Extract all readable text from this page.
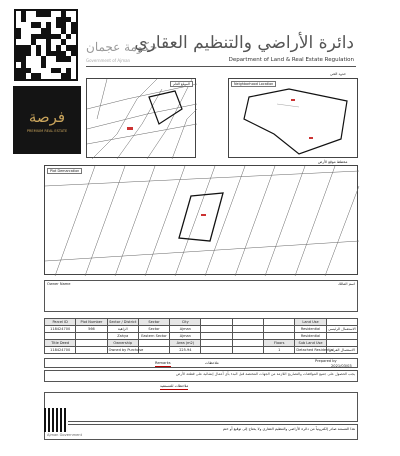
فرصة
PREMIUM REAL ESTATE
حكومة عجمان
Government of Ajman
دائرة الأراضي والتنظيم العقاري
Department of Land & Real Estate Regulation
الموقع العام	Neighborhood Location
حدود الحي
مخطط موقع الأرض
Plot Demarcation
Owner Name	اسم المالك
Parcel ID	Plot Number	Sector / District	Sector	City				Land Use	
118424700	566	الزاهية	Sector	Ajman				Residential	الاستعمال الرئيسي
		Zahya	Eastern Sector	Ajman				Residential	
Title Deed		Ownership		Area (m2)			Floors	Sub Land Use	
118424700		Owned by Purchase		225.94			1	Detached Residential	الاستعمال الفرعي
Remarks	ملاحظات	Prepared by
2021/03/03
يجب الحصول على جميع الموافقات والتصاريح اللازمة من الجهات المختصة قبل البدء بأي أعمال إنشائية على قطعة الأرض
ملاحظات للمستفيد
هذا المستند صادر إلكترونياً من دائرة الأراضي والتنظيم العقاري ولا يحتاج إلى توقيع أو ختم
Ajman Government
